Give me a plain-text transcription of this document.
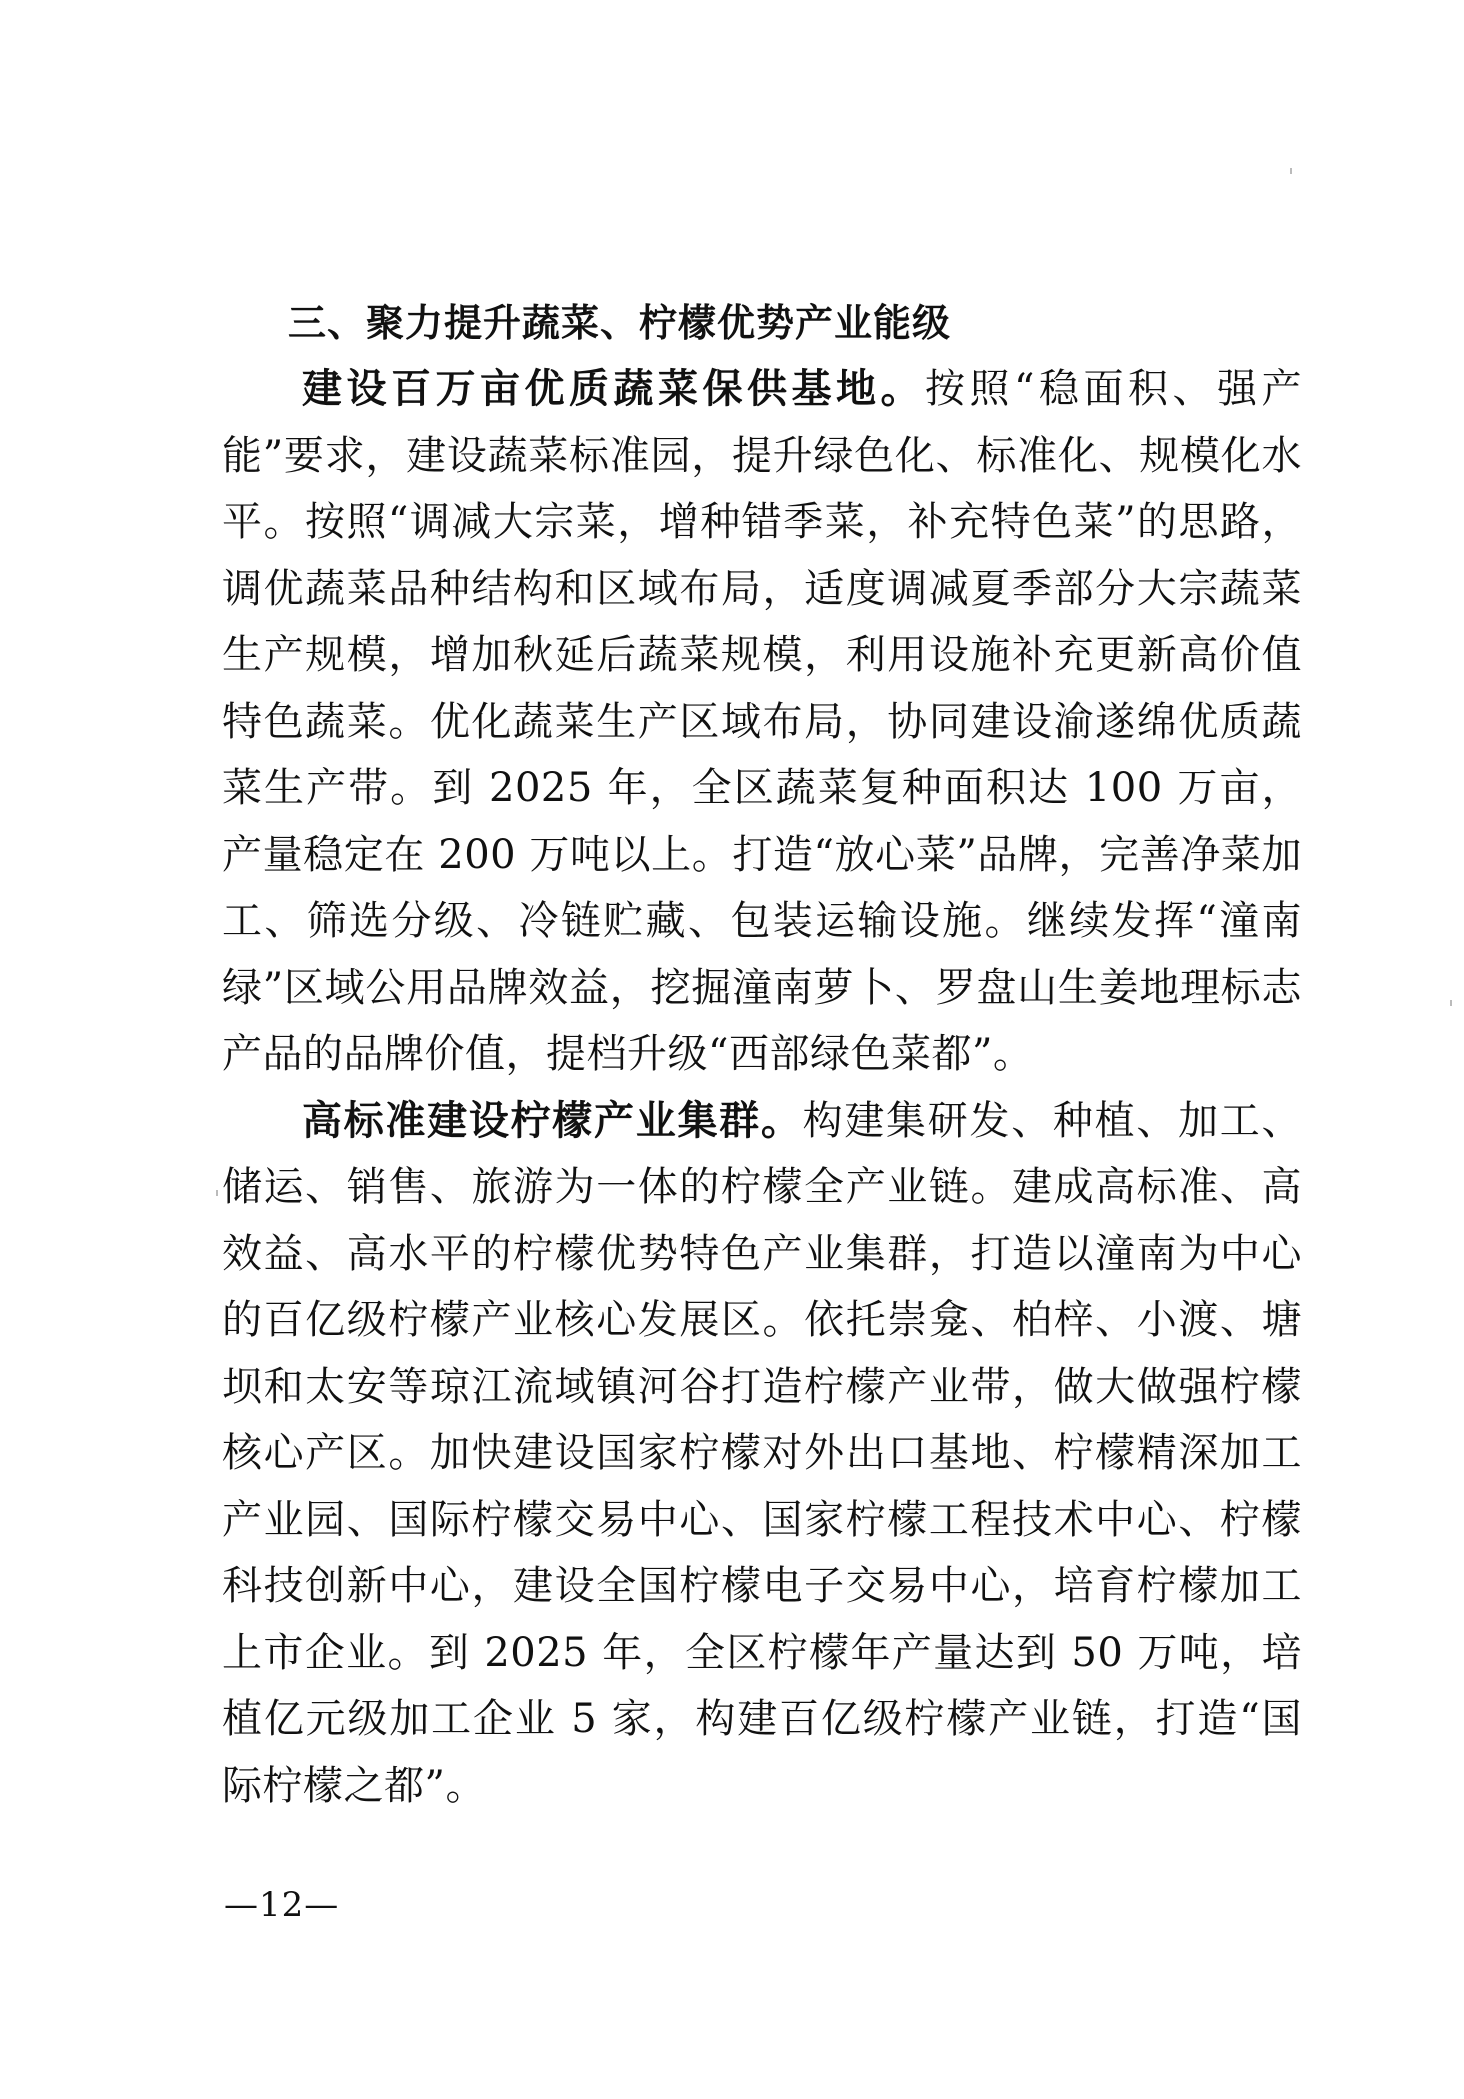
三、聚力提升蔬菜、柠檬优势产业能级

建设百万亩优质蔬菜保供基地。按照“稳面积、强产能”要求，建设蔬菜标准园，提升绿色化、标准化、规模化水平。按照“调减大宗菜，增种错季菜，补充特色菜”的思路，调优蔬菜品种结构和区域布局，适度调减夏季部分大宗蔬菜生产规模，增加秋延后蔬菜规模，利用设施补充更新高价值特色蔬菜。优化蔬菜生产区域布局，协同建设渝遂绵优质蔬菜生产带。到 2025 年，全区蔬菜复种面积达 100 万亩，产量稳定在 200 万吨以上。打造“放心菜”品牌，完善净菜加工、筛选分级、冷链贮藏、包装运输设施。继续发挥“潼南绿”区域公用品牌效益，挖掘潼南萝卜、罗盘山生姜地理标志产品的品牌价值，提档升级“西部绿色菜都”。

高标准建设柠檬产业集群。构建集研发、种植、加工、储运、销售、旅游为一体的柠檬全产业链。建成高标准、高效益、高水平的柠檬优势特色产业集群，打造以潼南为中心的百亿级柠檬产业核心发展区。依托崇龛、柏梓、小渡、塘坝和太安等琼江流域镇河谷打造柠檬产业带，做大做强柠檬核心产区。加快建设国家柠檬对外出口基地、柠檬精深加工产业园、国际柠檬交易中心、国家柠檬工程技术中心、柠檬科技创新中心，建设全国柠檬电子交易中心，培育柠檬加工上市企业。到 2025 年，全区柠檬年产量达到 50 万吨，培植亿元级加工企业 5 家，构建百亿级柠檬产业链，打造“国际柠檬之都”。

—12—
